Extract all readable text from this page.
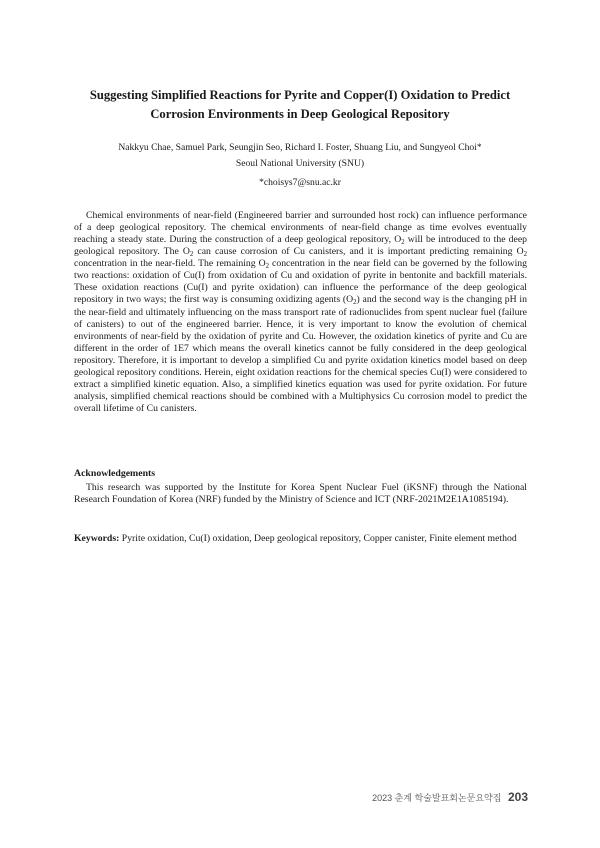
Suggesting Simplified Reactions for Pyrite and Copper(I) Oxidation to Predict
Corrosion Environments in Deep Geological Repository
Nakkyu Chae, Samuel Park, Seungjin Seo, Richard I. Foster, Shuang Liu, and Sungyeol Choi*
Seoul National University (SNU)
*choisys7@snu.ac.kr

Chemical environments of near-field (Engineered barrier and surrounded host rock) can influence performance of a deep geological repository. The chemical environments of near-field change as time evolves eventually reaching a steady state. During the construction of a deep geological repository, $O_2$ will be introduced to the deep geological repository. The $O_2$ can cause corrosion of Cu canisters, and it is important predicting remaining $O_2$ concentration in the near-field. The remaining $O_2$ concentration in the near field can be governed by the following two reactions: oxidation of Cu(I) from oxidation of Cu and oxidation of pyrite in bentonite and backfill materials. These oxidation reactions (Cu(I) and pyrite oxidation) can influence the performance of the deep geological repository in two ways; the first way is consuming oxidizing agents $(O_2)$ and the second way is the changing pH in the near-field and ultimately influencing on the mass transport rate of radionuclides from spent nuclear fuel (failure of canisters) to out of the engineered barrier. Hence, it is very important to know the evolution of chemical environments of near-field by the oxidation of pyrite and Cu. However, the oxidation kinetics of pyrite and Cu are different in the order of 1E7 which means the overall kinetics cannot be fully considered in the deep geological repository. Therefore, it is important to develop a simplified Cu and pyrite oxidation kinetics model based on deep geological repository conditions. Herein, eight oxidation reactions for the chemical species Cu(I) were considered to extract a simplified kinetic equation. Also, a simplified kinetics equation was used for pyrite oxidation. For future analysis, simplified chemical reactions should be combined with a Multiphysics Cu corrosion model to predict the overall lifetime of Cu canisters.

Acknowledgements
This research was supported by the Institute for Korea Spent Nuclear Fuel (iKSNF) through the National Research Foundation of Korea (NRF) funded by the Ministry of Science and ICT (NRF-2021M2E1A1085194).
Keywords: Pyrite oxidation, Cu(I) oxidation, Deep geological repository, Copper canister, Finite element method
2023 춘계 학술발표회논문요약집 203
